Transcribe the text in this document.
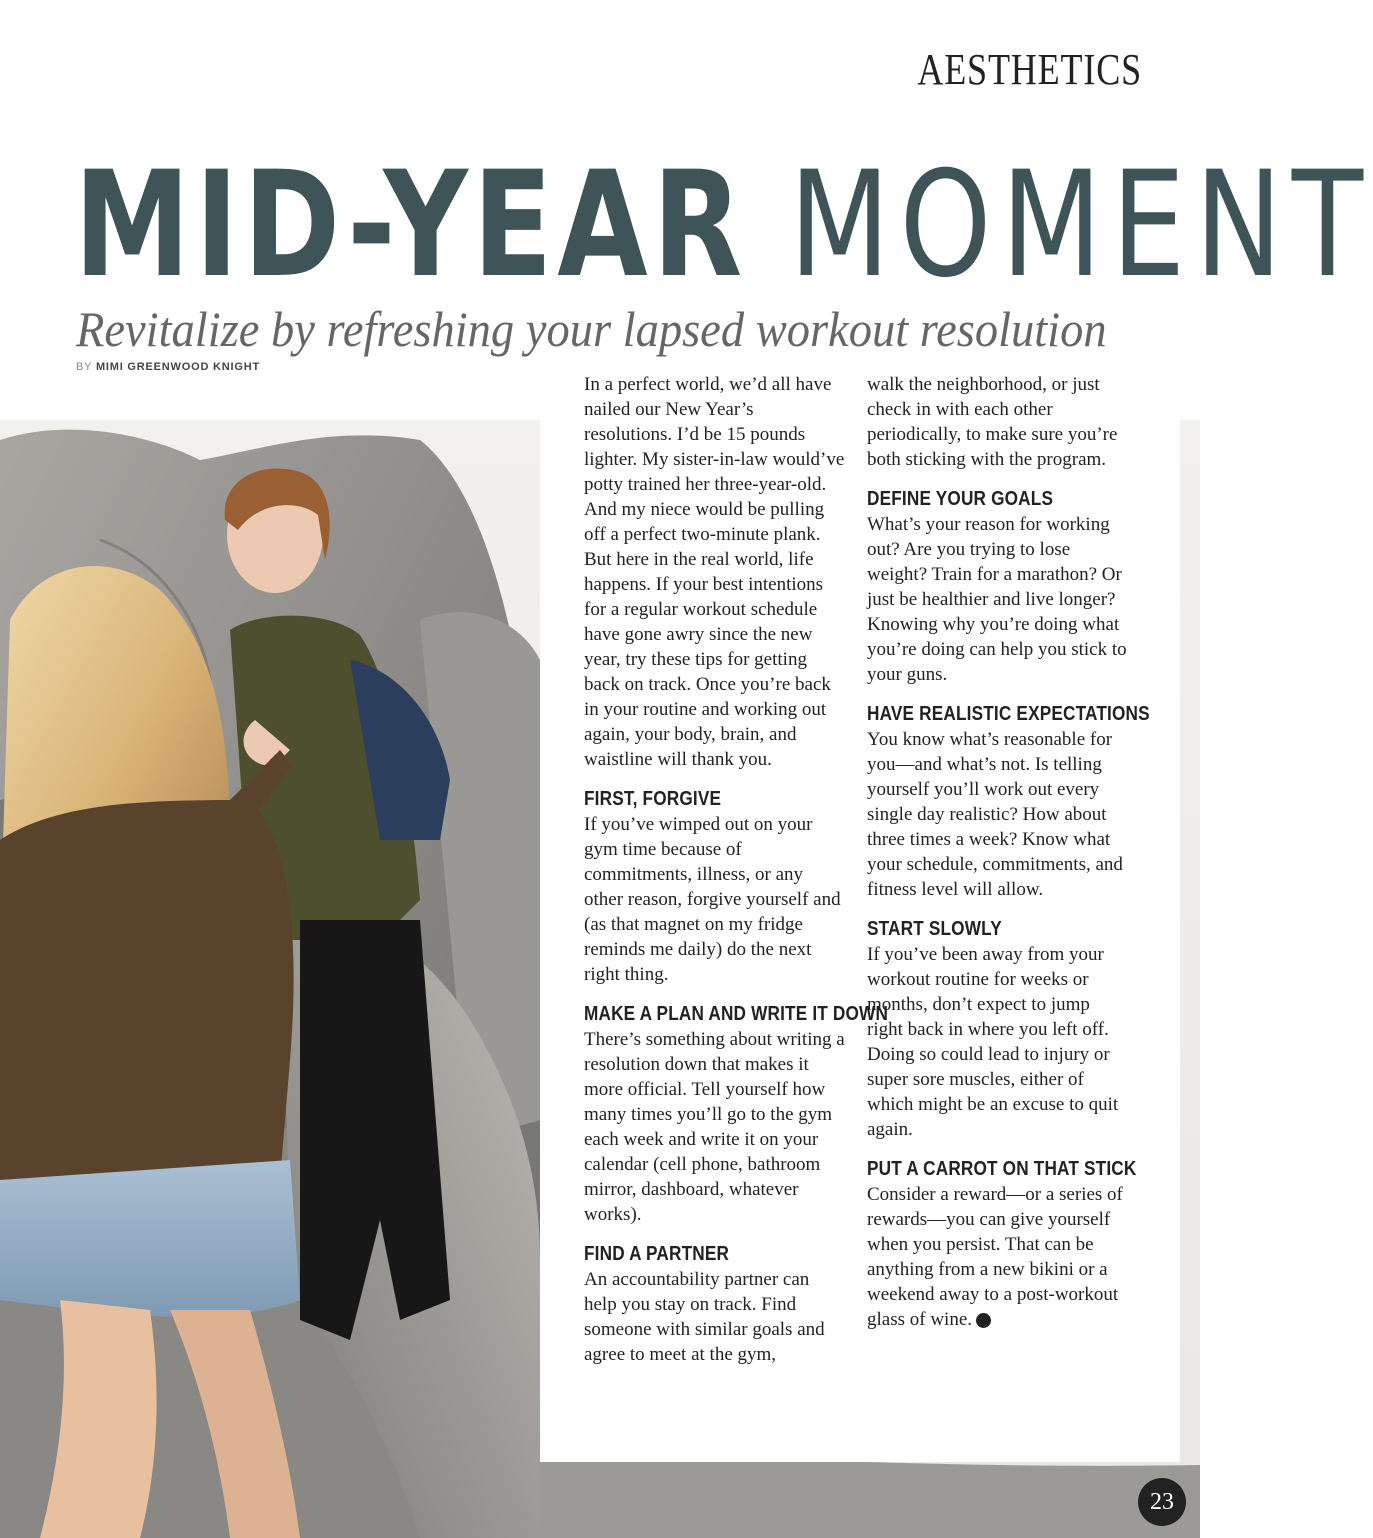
AESTHETICS
MID-YEAR MOMENT
Revitalize by refreshing your lapsed workout resolution
BY MIMI GREENWOOD KNIGHT

In a perfect world, we’d all have nailed our New Year’s resolutions. I’d be 15 pounds lighter. My sister-in-law would’ve potty trained her three-year-old. And my niece would be pulling off a perfect two-minute plank. But here in the real world, life happens. If your best intentions for a regular workout schedule have gone awry since the new year, try these tips for getting back on track. Once you’re back in your routine and working out again, your body, brain, and waistline will thank you.

FIRST, FORGIVE

If you’ve wimped out on your gym time because of commitments, illness, or any other reason, forgive yourself and (as that magnet on my fridge reminds me daily) do the next right thing.

MAKE A PLAN AND WRITE IT DOWN

There’s something about writing a resolution down that makes it more official. Tell yourself how many times you’ll go to the gym each week and write it on your calendar (cell phone, bathroom mirror, dashboard, whatever works).

FIND A PARTNER

An accountability partner can help you stay on track. Find someone with similar goals and agree to meet at the gym,

walk the neighborhood, or just check in with each other periodically, to make sure you’re both sticking with the program.

DEFINE YOUR GOALS

What’s your reason for working out? Are you trying to lose weight? Train for a marathon? Or just be healthier and live longer? Knowing why you’re doing what you’re doing can help you stick to your guns.

HAVE REALISTIC EXPECTATIONS

You know what’s reasonable for you—and what’s not. Is telling yourself you’ll work out every single day realistic? How about three times a week? Know what your schedule, commitments, and fitness level will allow.

START SLOWLY

If you’ve been away from your workout routine for weeks or months, don’t expect to jump right back in where you left off. Doing so could lead to injury or super sore muscles, either of which might be an excuse to quit again.

PUT A CARROT ON THAT STICK

Consider a reward—or a series of rewards—you can give yourself when you persist. That can be anything from a new bikini or a weekend away to a post-workout glass of wine.

23
